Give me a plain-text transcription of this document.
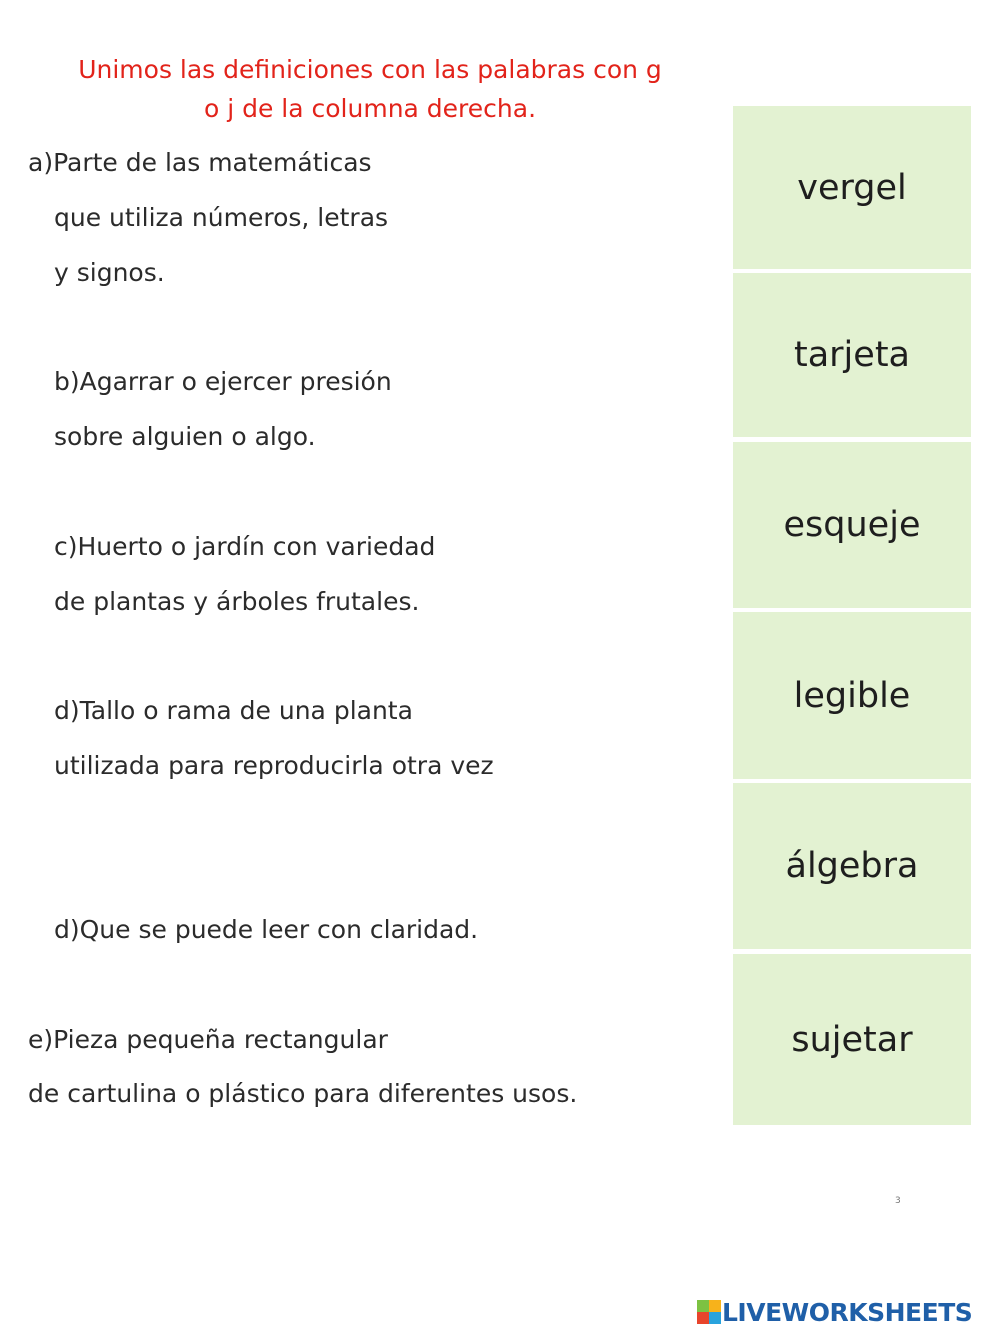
Unimos las definiciones con las palabras con g
o j de la columna derecha.
a)Parte de las matemáticas
que utiliza números, letras
y signos.
b)Agarrar o ejercer presión
sobre alguien o algo.
c)Huerto o jardín con variedad
de plantas y árboles frutales.
d)Tallo o rama de una planta
utilizada para reproducirla otra vez
d)Que se puede leer con claridad.
e)Pieza pequeña rectangular
de cartulina o plástico para diferentes usos.
vergel
tarjeta
esqueje
legible
álgebra
sujetar
3
LIVEWORKSHEETS
